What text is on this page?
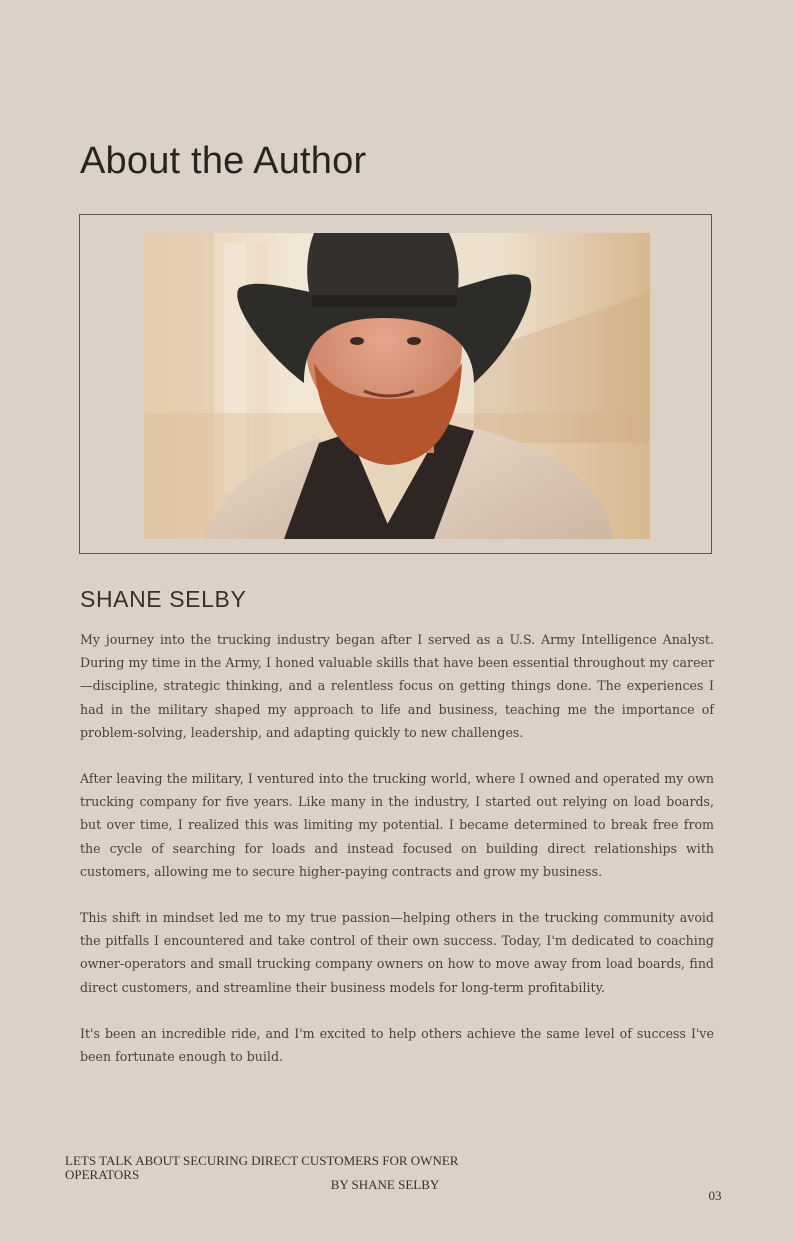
About the Author
SHANE SELBY

My journey into the trucking industry began after I served as a U.S. Army Intelligence Analyst. During my time in the Army, I honed valuable skills that have been essential throughout my career—discipline, strategic thinking, and a relentless focus on getting things done. The experiences I had in the military shaped my approach to life and business, teaching me the importance of problem-solving, leadership, and adapting quickly to new challenges.

After leaving the military, I ventured into the trucking world, where I owned and operated my own trucking company for five years. Like many in the industry, I started out relying on load boards, but over time, I realized this was limiting my potential. I became determined to break free from the cycle of searching for loads and instead focused on building direct relationships with customers, allowing me to secure higher-paying contracts and grow my business.

This shift in mindset led me to my true passion—helping others in the trucking community avoid the pitfalls I encountered and take control of their own success. Today, I'm dedicated to coaching owner-operators and small trucking company owners on how to move away from load boards, find direct customers, and streamline their business models for long-term profitability.

It's been an incredible ride, and I'm excited to help others achieve the same level of success I've been fortunate enough to build.

LETS TALK ABOUT SECURING DIRECT CUSTOMERS FOR OWNER OPERATORS
BY SHANE SELBY
03
